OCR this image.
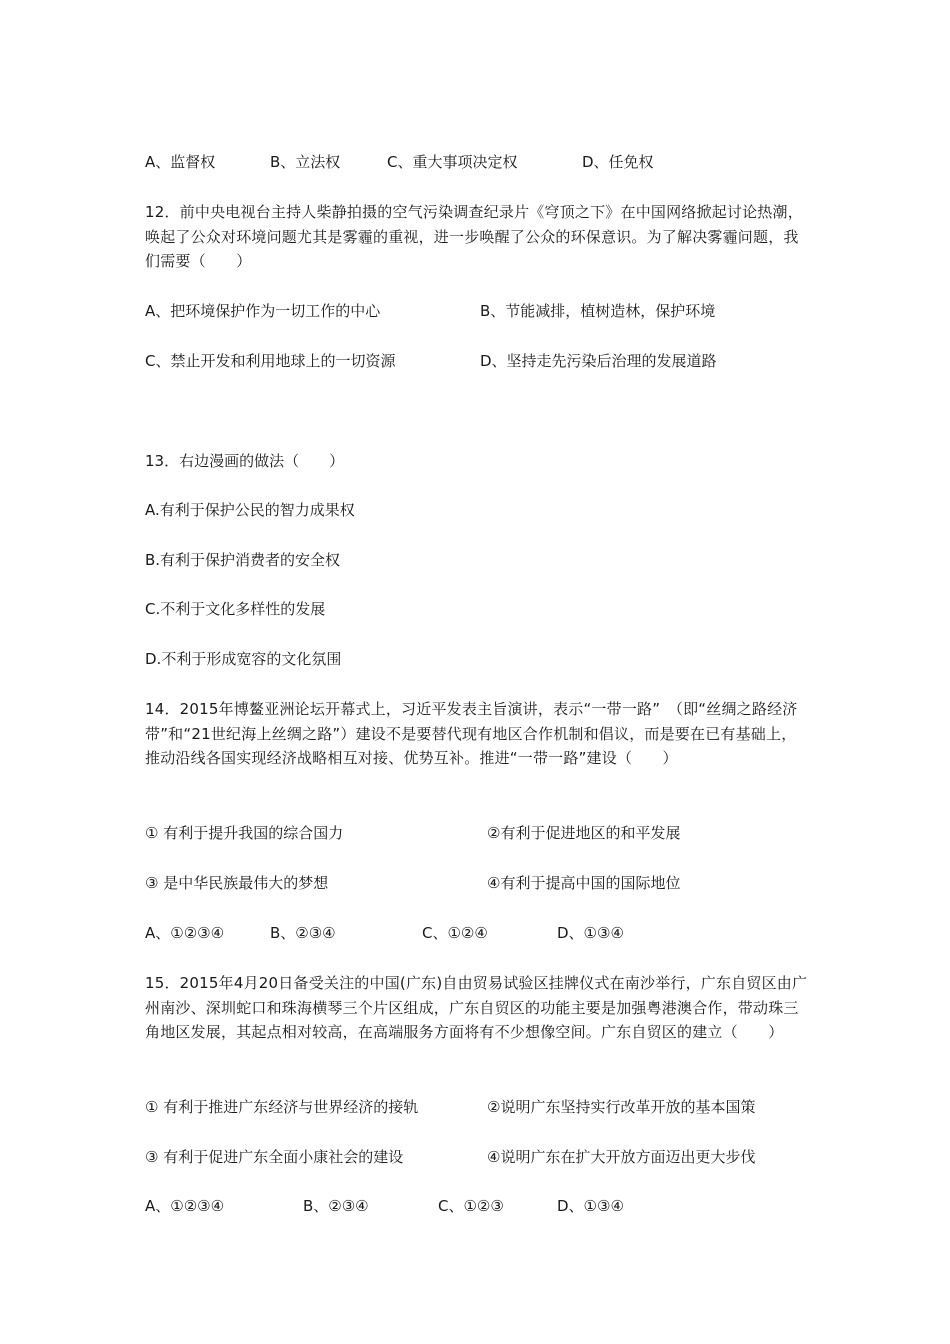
A、监督权	B、立法权	C、重大事项决定权	D、任免权
12．前中央电视台主持人柴静拍摄的空气污染调查纪录片《穹顶之下》在中国网络掀起讨论热潮，唤起了公众对环境问题尤其是雾霾的重视，进一步唤醒了公众的环保意识。为了解决雾霾问题，我们需要（　　）
A、把环境保护作为一切工作的中心	B、节能减排，植树造林，保护环境
C、禁止开发和利用地球上的一切资源	D、坚持走先污染后治理的发展道路
13．右边漫画的做法（　　）
A.有利于保护公民的智力成果权
B.有利于保护消费者的安全权
C.不利于文化多样性的发展
D.不利于形成宽容的文化氛围
14．2015年博鳌亚洲论坛开幕式上，习近平发表主旨演讲，表示“一带一路”　（即“丝绸之路经济带”和“21世纪海上丝绸之路”）建设不是要替代现有地区合作机制和倡议，而是要在已有基础上，推动沿线各国实现经济战略相互对接、优势互补。推进“一带一路”建设（　　）
① 有利于提升我国的综合国力	②有利于促进地区的和平发展
③ 是中华民族最伟大的梦想	④有利于提高中国的国际地位
A、①②③④	B、②③④	C、①②④	D、①③④
15．2015年4月20日备受关注的中国(广东)自由贸易试验区挂牌仪式在南沙举行，广东自贸区由广州南沙、深圳蛇口和珠海横琴三个片区组成，广东自贸区的功能主要是加强粤港澳合作，带动珠三角地区发展，其起点相对较高，在高端服务方面将有不少想像空间。广东自贸区的建立（　　）
① 有利于推进广东经济与世界经济的接轨	②说明广东坚持实行改革开放的基本国策
③ 有利于促进广东全面小康社会的建设	④说明广东在扩大开放方面迈出更大步伐
A、①②③④	B、②③④	C、①②③	D、①③④
